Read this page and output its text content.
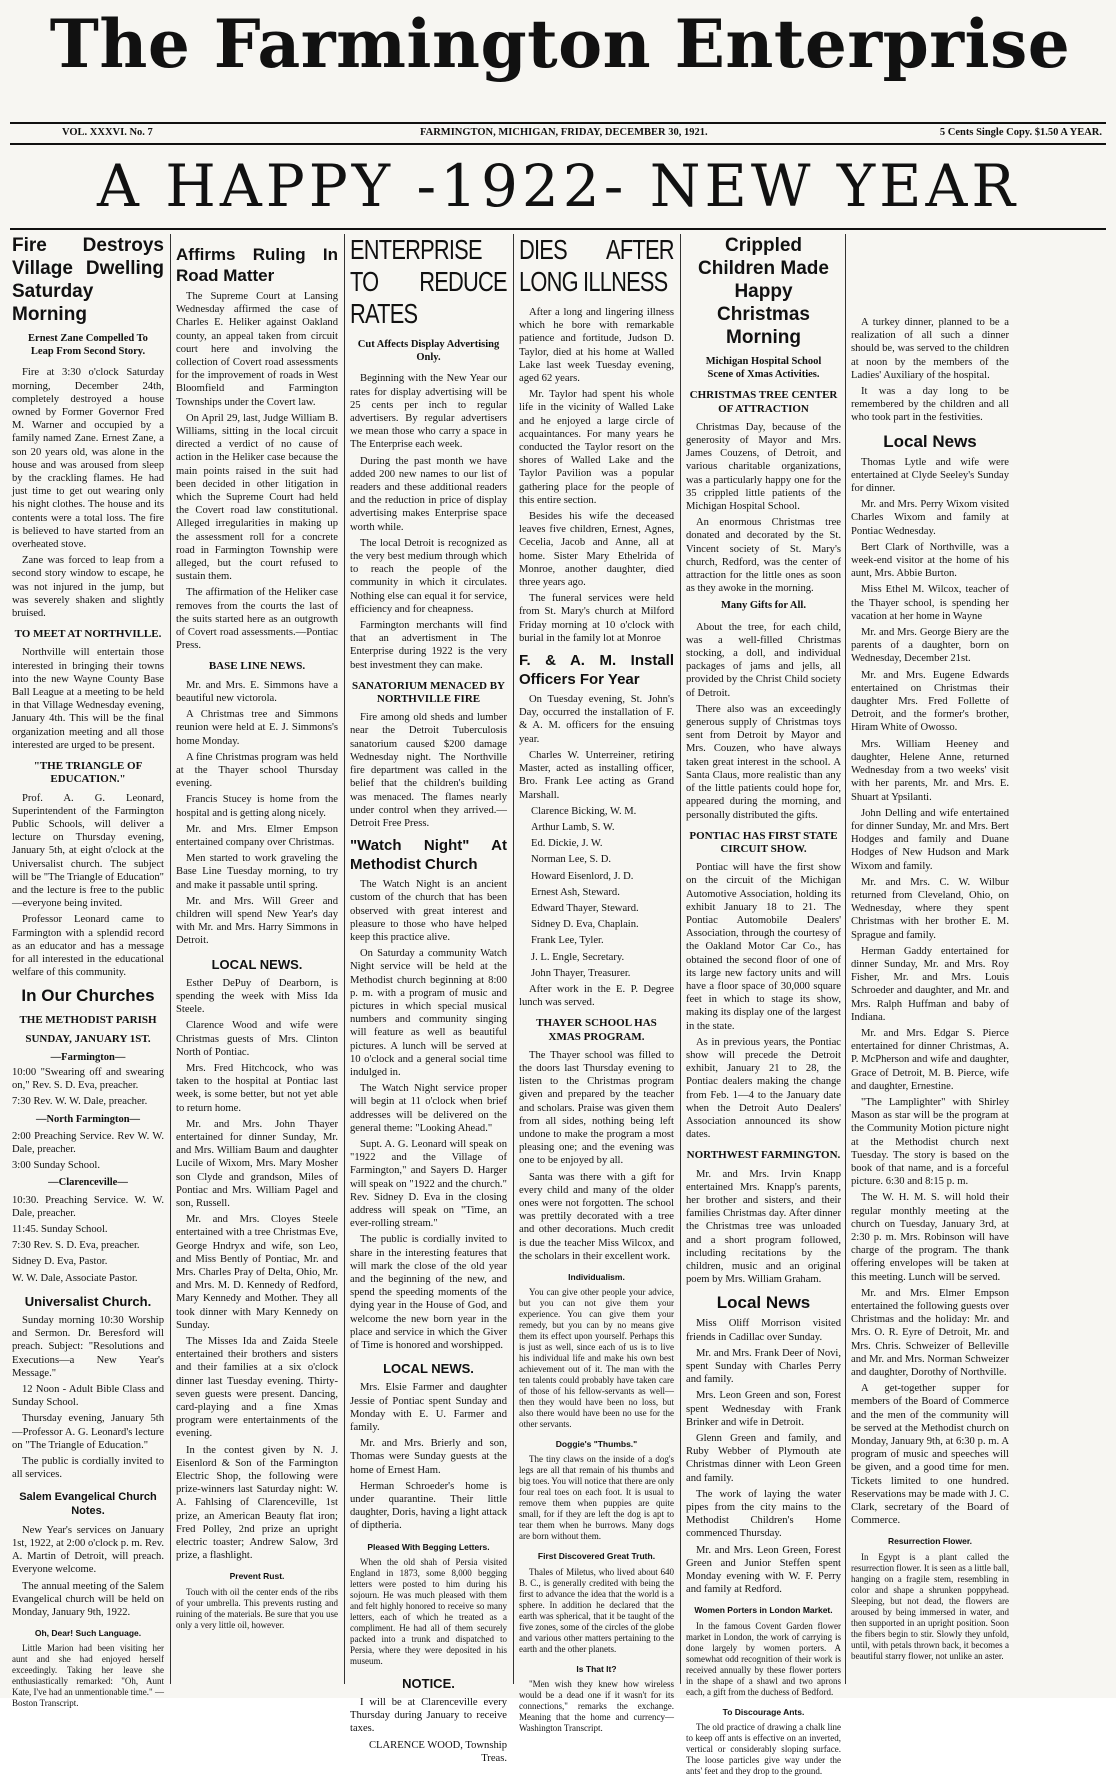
The Farmington Enterprise
VOL. XXXVI. No. 7	FARMINGTON, MICHIGAN, FRIDAY, DECEMBER 30, 1921.	5 Cents Single Copy. $1.50 A YEAR.
A HAPPY -1922- NEW YEAR
Fire Destroys Village Dwelling Saturday Morning
Ernest Zane Compelled To Leap From Second Story.

Fire at 3:30 o'clock Saturday morning, December 24th, completely destroyed a house owned by Former Governor Fred M. Warner and occupied by a family named Zane. Ernest Zane, a son 20 years old, was alone in the house and was aroused from sleep by the crackling flames. He had just time to get out wearing only his night clothes. The house and its contents were a total loss. The fire is believed to have started from an overheated stove.

Zane was forced to leap from a second story window to escape, he was not injured in the jump, but was severely shaken and slightly bruised.

TO MEET AT NORTHVILLE.

Northville will entertain those interested in bringing their towns into the new Wayne County Base Ball League at a meeting to be held in that Village Wednesday evening, January 4th. This will be the final organization meeting and all those interested are urged to be present.

"THE TRIANGLE OF EDUCATION."

Prof. A. G. Leonard, Superintendent of the Farmington Public Schools, will deliver a lecture on Thursday evening, January 5th, at eight o'clock at the Universalist church. The subject will be "The Triangle of Education" and the lecture is free to the public—everyone being invited.

Professor Leonard came to Farmington with a splendid record as an educator and has a message for all interested in the educational welfare of this community.

In Our Churches
THE METHODIST PARISH
SUNDAY, JANUARY 1ST.
—Farmington—

10:00 "Swearing off and swearing on," Rev. S. D. Eva, preacher.

7:30 Rev. W. W. Dale, preacher.

—North Farmington—

2:00 Preaching Service. Rev W. W. Dale, preacher.

3:00 Sunday School.

—Clarenceville—

10:30. Preaching Service. W. W. Dale, preacher.

11:45. Sunday School.

7:30 Rev. S. D. Eva, preacher.

Sidney D. Eva, Pastor.

W. W. Dale, Associate Pastor.

Universalist Church.

Sunday morning 10:30 Worship and Sermon. Dr. Beresford will preach. Subject: "Resolutions and Executions—a New Year's Message."

12 Noon - Adult Bible Class and Sunday School.

Thursday evening, January 5th —Professor A. G. Leonard's lecture on "The Triangle of Education."

The public is cordially invited to all services.

Salem Evangelical Church Notes.

New Year's services on January 1st, 1922, at 2:00 o'clock p. m. Rev. A. Martin of Detroit, will preach. Everyone welcome.

The annual meeting of the Salem Evangelical church will be held on Monday, January 9th, 1922.

Oh, Dear! Such Language.

Little Marion had been visiting her aunt and she had enjoyed herself exceedingly. Taking her leave she enthusiastically remarked: "Oh, Aunt Kate, I've had an unmentionable time." —Boston Transcript.

Affirms Ruling In Road Matter

The Supreme Court at Lansing Wednesday affirmed the case of Charles E. Heliker against Oakland county, an appeal taken from circuit court here and involving the collection of Covert road assessments for the improvement of roads in West Bloomfield and Farmington Townships under the Covert law.

On April 29, last, Judge William B. Williams, sitting in the local circuit directed a verdict of no cause of action in the Heliker case because the main points raised in the suit had been decided in other litigation in which the Supreme Court had held the Covert road law constitutional. Alleged irregularities in making up the assessment roll for a concrete road in Farmington Township were alleged, but the court refused to sustain them.

The affirmation of the Heliker case removes from the courts the last of the suits started here as an outgrowth of Covert road assessments.—Pontiac Press.

BASE LINE NEWS.

Mr. and Mrs. E. Simmons have a beautiful new victorola.

A Christmas tree and Simmons reunion were held at E. J. Simmons's home Monday.

A fine Christmas program was held at the Thayer school Thursday evening.

Francis Stucey is home from the hospital and is getting along nicely.

Mr. and Mrs. Elmer Empson entertained company over Christmas.

Men started to work graveling the Base Line Tuesday morning, to try and make it passable until spring.

Mr. and Mrs. Will Greer and children will spend New Year's day with Mr. and Mrs. Harry Simmons in Detroit.

LOCAL NEWS.

Esther DePuy of Dearborn, is spending the week with Miss Ida Steele.

Clarence Wood and wife were Christmas guests of Mrs. Clinton North of Pontiac.

Mrs. Fred Hitchcock, who was taken to the hospital at Pontiac last week, is some better, but not yet able to return home.

Mr. and Mrs. John Thayer entertained for dinner Sunday, Mr. and Mrs. William Baum and daughter Lucile of Wixom, Mrs. Mary Mosher son Clyde and grandson, Miles of Pontiac and Mrs. William Pagel and son, Russell.

Mr. and Mrs. Cloyes Steele entertained with a tree Christmas Eve, George Hndryx and wife, son Leo, and Miss Bently of Pontiac, Mr. and Mrs. Charles Pray of Delta, Ohio, Mr. and Mrs. M. D. Kennedy of Redford, Mary Kennedy and Mother. They all took dinner with Mary Kennedy on Sunday.

The Misses Ida and Zaida Steele entertained their brothers and sisters and their families at a six o'clock dinner last Tuesday evening. Thirty-seven guests were present. Dancing, card-playing and a fine Xmas program were entertainments of the evening.

In the contest given by N. J. Eisenlord & Son of the Farmington Electric Shop, the following were prize-winners last Saturday night: W. A. Fahlsing of Clarenceville, 1st prize, an American Beauty flat iron; Fred Polley, 2nd prize an upright electric toaster; Andrew Salow, 3rd prize, a flashlight.

Prevent Rust.

Touch with oil the center ends of the ribs of your umbrella. This prevents rusting and ruining of the materials. Be sure that you use only a very little oil, however.

ENTERPRISE TO REDUCE RATES
Cut Affects Display Advertising Only.

Beginning with the New Year our rates for display advertising will be 25 cents per inch to regular advertisers. By regular advertisers we mean those who carry a space in The Enterprise each week.

During the past month we have added 200 new names to our list of readers and these additional readers and the reduction in price of display advertising makes Enterprise space worth while.

The local Detroit is recognized as the very best medium through which to reach the people of the community in which it circulates. Nothing else can equal it for service, efficiency and for cheapness.

Farmington merchants will find that an advertisment in The Enterprise during 1922 is the very best investment they can make.

SANATORIUM MENACED BY NORTHVILLE FIRE

Fire among old sheds and lumber near the Detroit Tuberculosis sanatorium caused $200 damage Wednesday night. The Northville fire department was called in the belief that the children's building was menaced. The flames nearly under control when they arrived.—Detroit Free Press.

"Watch Night" At Methodist Church

The Watch Night is an ancient custom of the church that has been observed with great interest and pleasure to those who have helped keep this practice alive.

On Saturday a community Watch Night service will be held at the Methodist church beginning at 8:00 p. m. with a program of music and pictures in which special musical numbers and community singing will feature as well as beautiful pictures. A lunch will be served at 10 o'clock and a general social time indulged in.

The Watch Night service proper will begin at 11 o'clock when brief addresses will be delivered on the general theme: "Looking Ahead."

Supt. A. G. Leonard will speak on "1922 and the Village of Farmington," and Sayers D. Harger will speak on "1922 and the church." Rev. Sidney D. Eva in the closing address will speak on "Time, an ever-rolling stream."

The public is cordially invited to share in the interesting features that will mark the close of the old year and the beginning of the new, and spend the speeding moments of the dying year in the House of God, and welcome the new born year in the place and service in which the Giver of Time is honored and worshipped.

LOCAL NEWS.

Mrs. Elsie Farmer and daughter Jessie of Pontiac spent Sunday and Monday with E. U. Farmer and family.

Mr. and Mrs. Brierly and son, Thomas were Sunday guests at the home of Ernest Ham.

Herman Schroeder's home is under quarantine. Their little daughter, Doris, having a light attack of diptheria.

Pleased With Begging Letters.

When the old shah of Persia visited England in 1873, some 8,000 begging letters were posted to him during his sojourn. He was much pleased with them and felt highly honored to receive so many letters, each of which he treated as a compliment. He had all of them securely packed into a trunk and dispatched to Persia, where they were deposited in his museum.

NOTICE.

I will be at Clarenceville every Thursday during January to receive taxes.

CLARENCE WOOD, Township Treas.

DIES AFTER LONG ILLNESS

After a long and lingering illness which he bore with remarkable patience and fortitude, Judson D. Taylor, died at his home at Walled Lake last week Tuesday evening, aged 62 years.

Mr. Taylor had spent his whole life in the vicinity of Walled Lake and he enjoyed a large circle of acquaintances. For many years he conducted the Taylor resort on the shores of Walled Lake and the Taylor Pavilion was a popular gathering place for the people of this entire section.

Besides his wife the deceased leaves five children, Ernest, Agnes, Cecelia, Jacob and Anne, all at home. Sister Mary Ethelrida of Monroe, another daughter, died three years ago.

The funeral services were held from St. Mary's church at Milford Friday morning at 10 o'clock with burial in the family lot at Monroe

F. & A. M. Install Officers For Year

On Tuesday evening, St. John's Day, occurred the installation of F. & A. M. officers for the ensuing year.

Charles W. Unterreiner, retiring Master, acted as installing officer, Bro. Frank Lee acting as Grand Marshall.

Clarence Bicking, W. M.

Arthur Lamb, S. W.

Ed. Dickie, J. W.

Norman Lee, S. D.

Howard Eisenlord, J. D.

Ernest Ash, Steward.

Edward Thayer, Steward.

Sidney D. Eva, Chaplain.

Frank Lee, Tyler.

J. L. Engle, Secretary.

John Thayer, Treasurer.

After work in the E. P. Degree lunch was served.

THAYER SCHOOL HAS XMAS PROGRAM.

The Thayer school was filled to the doors last Thursday evening to listen to the Christmas program given and prepared by the teacher and scholars. Praise was given them from all sides, nothing being left undone to make the program a most pleasing one; and the evening was one to be enjoyed by all.

Santa was there with a gift for every child and many of the older ones were not forgotten. The school was prettily decorated with a tree and other decorations. Much credit is due the teacher Miss Wilcox, and the scholars in their excellent work.

Individualism.

You can give other people your advice, but you can not give them your experience. You can give them your remedy, but you can by no means give them its effect upon yourself. Perhaps this is just as well, since each of us is to live his individual life and make his own best achievement out of it. The man with the ten talents could probably have taken care of those of his fellow-servants as well—then they would have been no loss, but also there would have been no use for the other servants.

Doggie's "Thumbs."

The tiny claws on the inside of a dog's legs are all that remain of his thumbs and big toes. You will notice that there are only four real toes on each foot. It is usual to remove them when puppies are quite small, for if they are left the dog is apt to tear them when he burrows. Many dogs are born without them.

First Discovered Great Truth.

Thales of Miletus, who lived about 640 B. C., is generally credited with being the first to advance the idea that the world is a sphere. In addition he declared that the earth was spherical, that it be taught of the five zones, some of the circles of the globe and various other matters pertaining to the earth and the other planets.

Is That It?

"Men wish they knew how wireless would be a dead one if it wasn't for its connections," remarks the exchange. Meaning that the home and currency—Washington Transcript.

Crippled Children Made Happy Christmas Morning
Michigan Hospital School Scene of Xmas Activities.
CHRISTMAS TREE CENTER OF ATTRACTION

Christmas Day, because of the generosity of Mayor and Mrs. James Couzens, of Detroit, and various charitable organizations, was a particularly happy one for the 35 crippled little patients of the Michigan Hospital School.

An enormous Christmas tree donated and decorated by the St. Vincent society of St. Mary's church, Redford, was the center of attraction for the little ones as soon as they awoke in the morning.

Many Gifts for All.

About the tree, for each child, was a well-filled Christmas stocking, a doll, and individual packages of jams and jells, all provided by the Christ Child society of Detroit.

There also was an exceedingly generous supply of Christmas toys sent from Detroit by Mayor and Mrs. Couzen, who have always taken great interest in the school. A Santa Claus, more realistic than any of the little patients could hope for, appeared during the morning, and personally distributed the gifts.

PONTIAC HAS FIRST STATE CIRCUIT SHOW.

Pontiac will have the first show on the circuit of the Michigan Automotive Association, holding its exhibit January 18 to 21. The Pontiac Automobile Dealers' Association, through the courtesy of the Oakland Motor Car Co., has obtained the second floor of one of its large new factory units and will have a floor space of 30,000 square feet in which to stage its show, making its display one of the largest in the state.

As in previous years, the Pontiac show will precede the Detroit exhibit, January 21 to 28, the Pontiac dealers making the change from Feb. 1—4 to the January date when the Detroit Auto Dealers' Association announced its show dates.

NORTHWEST FARMINGTON.

Mr. and Mrs. Irvin Knapp entertained Mrs. Knapp's parents, her brother and sisters, and their families Christmas day. After dinner the Christmas tree was unloaded and a short program followed, including recitations by the children, music and an original poem by Mrs. William Graham.

Local News

Miss Oliff Morrison visited friends in Cadillac over Sunday.

Mr. and Mrs. Frank Deer of Novi, spent Sunday with Charles Perry and family.

Mrs. Leon Green and son, Forest spent Wednesday with Frank Brinker and wife in Detroit.

Glenn Green and family, and Ruby Webber of Plymouth ate Christmas dinner with Leon Green and family.

The work of laying the water pipes from the city mains to the Methodist Children's Home commenced Thursday.

Mr. and Mrs. Leon Green, Forest Green and Junior Steffen spent Monday evening with W. F. Perry and family at Redford.

Women Porters in London Market.

In the famous Covent Garden flower market in London, the work of carrying is done largely by women porters. A somewhat odd recognition of their work is received annually by these flower porters in the shape of a shawl and two aprons each, a gift from the duchess of Bedford.

To Discourage Ants.

The old practice of drawing a chalk line to keep off ants is effective on an inverted, vertical or considerably sloping surface. The loose particles give way under the ants' feet and they drop to the ground.

A turkey dinner, planned to be a realization of all such a dinner should be, was served to the children at noon by the members of the Ladies' Auxiliary of the hospital.

It was a day long to be remembered by the children and all who took part in the festivities.

Local News

Thomas Lytle and wife were entertained at Clyde Seeley's Sunday for dinner.

Mr. and Mrs. Perry Wixom visited Charles Wixom and family at Pontiac Wednesday.

Bert Clark of Northville, was a week-end visitor at the home of his aunt, Mrs. Abbie Burton.

Miss Ethel M. Wilcox, teacher of the Thayer school, is spending her vacation at her home in Wayne

Mr. and Mrs. George Biery are the parents of a daughter, born on Wednesday, December 21st.

Mr. and Mrs. Eugene Edwards entertained on Christmas their daughter Mrs. Fred Follette of Detroit, and the former's brother, Hiram White of Owosso.

Mrs. William Heeney and daughter, Helene Anne, returned Wednesday from a two weeks' visit with her parents, Mr. and Mrs. E. Shuart at Ypsilanti.

John Delling and wife entertained for dinner Sunday, Mr. and Mrs. Bert Hodges and family and Duane Hodges of New Hudson and Mark Wixom and family.

Mr. and Mrs. C. W. Wilbur returned from Cleveland, Ohio, on Wednesday, where they spent Christmas with her brother E. M. Sprague and family.

Herman Gaddy entertained for dinner Sunday, Mr. and Mrs. Roy Fisher, Mr. and Mrs. Louis Schroeder and daughter, and Mr. and Mrs. Ralph Huffman and baby of Indiana.

Mr. and Mrs. Edgar S. Pierce entertained for dinner Christmas, A. P. McPherson and wife and daughter, Grace of Detroit, M. B. Pierce, wife and daughter, Ernestine.

"The Lamplighter" with Shirley Mason as star will be the program at the Community Motion picture night at the Methodist church next Tuesday. The story is based on the book of that name, and is a forceful picture. 6:30 and 8:15 p. m.

The W. H. M. S. will hold their regular monthly meeting at the church on Tuesday, January 3rd, at 2:30 p. m. Mrs. Robinson will have charge of the program. The thank offering envelopes will be taken at this meeting. Lunch will be served.

Mr. and Mrs. Elmer Empson entertained the following guests over Christmas and the holiday: Mr. and Mrs. O. R. Eyre of Detroit, Mr. and Mrs. Chris. Schweizer of Belleville and Mr. and Mrs. Norman Schweizer and daughter, Dorothy of Northville.

A get-together supper for members of the Board of Commerce and the men of the community will be served at the Methodist church on Monday, January 9th, at 6:30 p. m. A program of music and speeches will be given, and a good time for men. Tickets limited to one hundred. Reservations may be made with J. C. Clark, secretary of the Board of Commerce.

Resurrection Flower.

In Egypt is a plant called the resurrection flower. It is seen as a little ball, hanging on a fragile stem, resembling in color and shape a shrunken poppyhead. Sleeping, but not dead, the flowers are aroused by being immersed in water, and then supported in an upright position. Soon the fibers begin to stir. Slowly they unfold, until, with petals thrown back, it becomes a beautiful starry flower, not unlike an aster.
